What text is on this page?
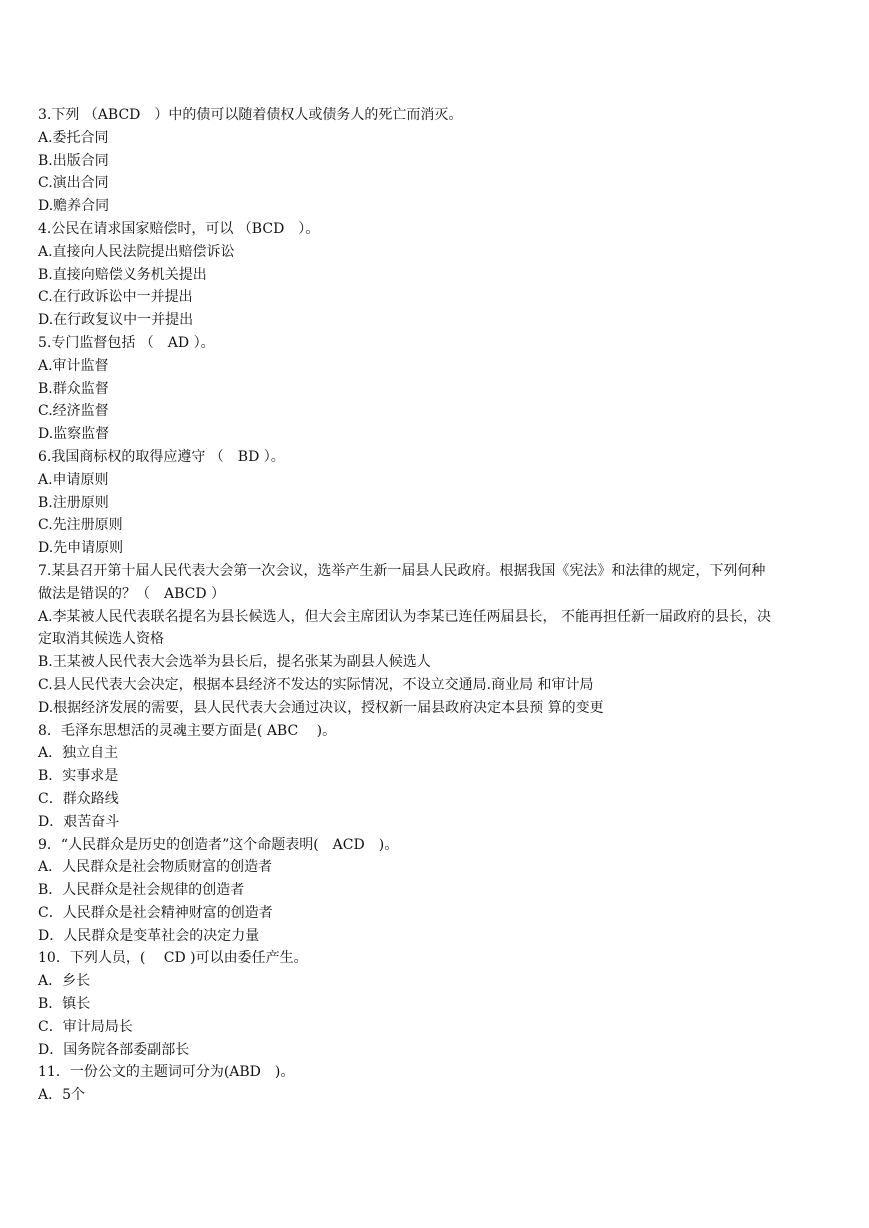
3.下列 （ABCD　）中的债可以随着债权人或债务人的死亡而消灭。
A.委托合同
B.出版合同
C.演出合同
D.赡养合同
4.公民在请求国家赔偿时，可以 （BCD　）。
A.直接向人民法院提出赔偿诉讼
B.直接向赔偿义务机关提出
C.在行政诉讼中一并提出
D.在行政复议中一并提出
5.专门监督包括 （　AD ）。
A.审计监督
B.群众监督
C.经济监督
D.监察监督
6.我国商标权的取得应遵守 （　BD ）。
A.申请原则
B.注册原则
C.先注册原则
D.先申请原则
7.某县召开第十届人民代表大会第一次会议，选举产生新一届县人民政府。根据我国《宪法》和法律的规定，下列何种
做法是错误的？（　ABCD ）
A.李某被人民代表联名提名为县长候选人，但大会主席团认为李某已连任两届县长， 不能再担任新一届政府的县长，决
定取消其候选人资格
B.王某被人民代表大会选举为县长后，提名张某为副县人候选人
C.县人民代表大会决定，根据本县经济不发达的实际情况，不设立交通局.商业局 和审计局
D.根据经济发展的需要，县人民代表大会通过决议，授权新一届县政府决定本县预 算的变更
8．毛泽东思想活的灵魂主要方面是( ABC　 )。
A．独立自主
B．实事求是
C．群众路线
D．艰苦奋斗
9．“人民群众是历史的创造者”这个命题表明(　ACD　)。
A．人民群众是社会物质财富的创造者
B．人民群众是社会规律的创造者
C．人民群众是社会精神财富的创造者
D．人民群众是变革社会的决定力量
10．下列人员，(　 CD )可以由委任产生。
A．乡长
B．镇长
C．审计局局长
D．国务院各部委副部长
11．一份公文的主题词可分为(ABD　)。
A．5个
